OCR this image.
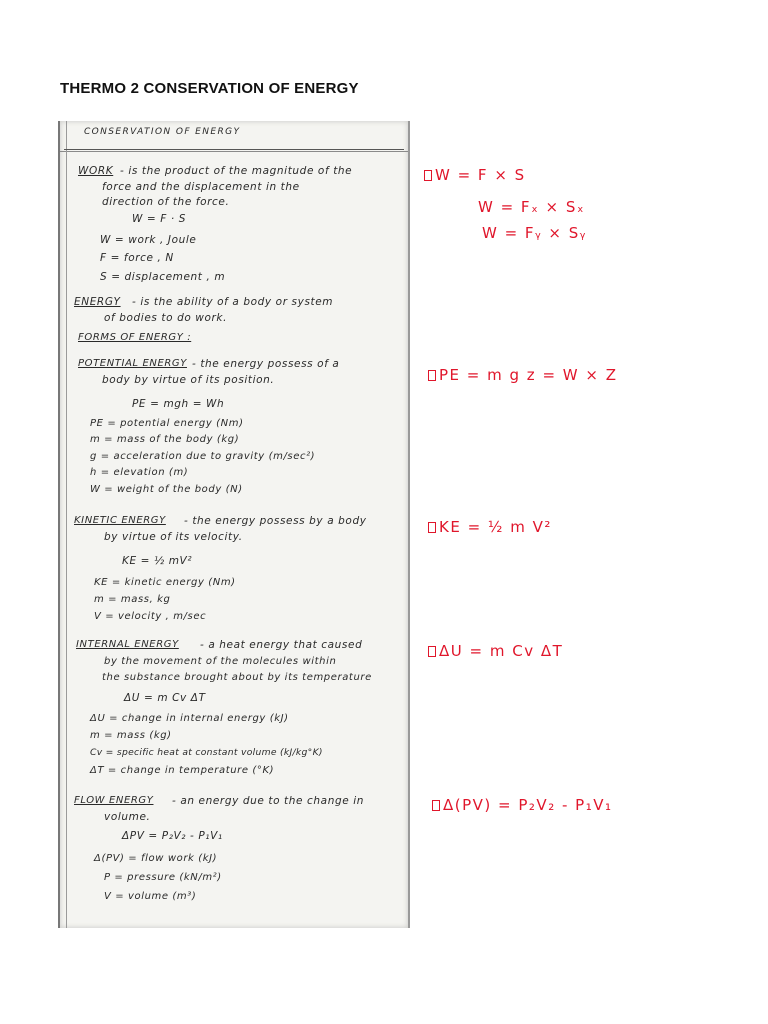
THERMO 2 CONSERVATION OF ENERGY
CONSERVATION OF ENERGY
WORK - is the product of the magnitude of the
force and the displacement in the
direction of the force.
W = F · S
W = work , Joule
F = force , N
S = displacement , m
ENERGY - is the ability of a body or system
of bodies to do work.
FORMS OF ENERGY :
POTENTIAL ENERGY - the energy possess of a
body by virtue of its position.
PE = mgh = Wh
PE = potential energy (Nm)
m = mass of the body (kg)
g = acceleration due to gravity (m/sec²)
h = elevation (m)
W = weight of the body (N)
KINETIC ENERGY - the energy possess by a body
by virtue of its velocity.
KE = ½ mV²
KE = kinetic energy (Nm)
m = mass, kg
V = velocity , m/sec
INTERNAL ENERGY - a heat energy that caused
by the movement of the molecules within
the substance brought about by its temperature
ΔU = m Cv ΔT
ΔU = change in internal energy (kJ)
m = mass (kg)
Cv = specific heat at constant volume (kJ/kg°K)
ΔT = change in temperature (°K)
FLOW ENERGY - an energy due to the change in
volume.
ΔPV = P₂V₂ - P₁V₁
Δ(PV) = flow work (kJ)
P = pressure (kN/m²)
V = volume (m³)
W = F × S
W = Fₓ × Sₓ
W = Fᵧ × Sᵧ
PE = m g z = W × Z
KE = ½ m V²
ΔU = m Cv ΔT
Δ(PV) = P₂V₂ - P₁V₁
